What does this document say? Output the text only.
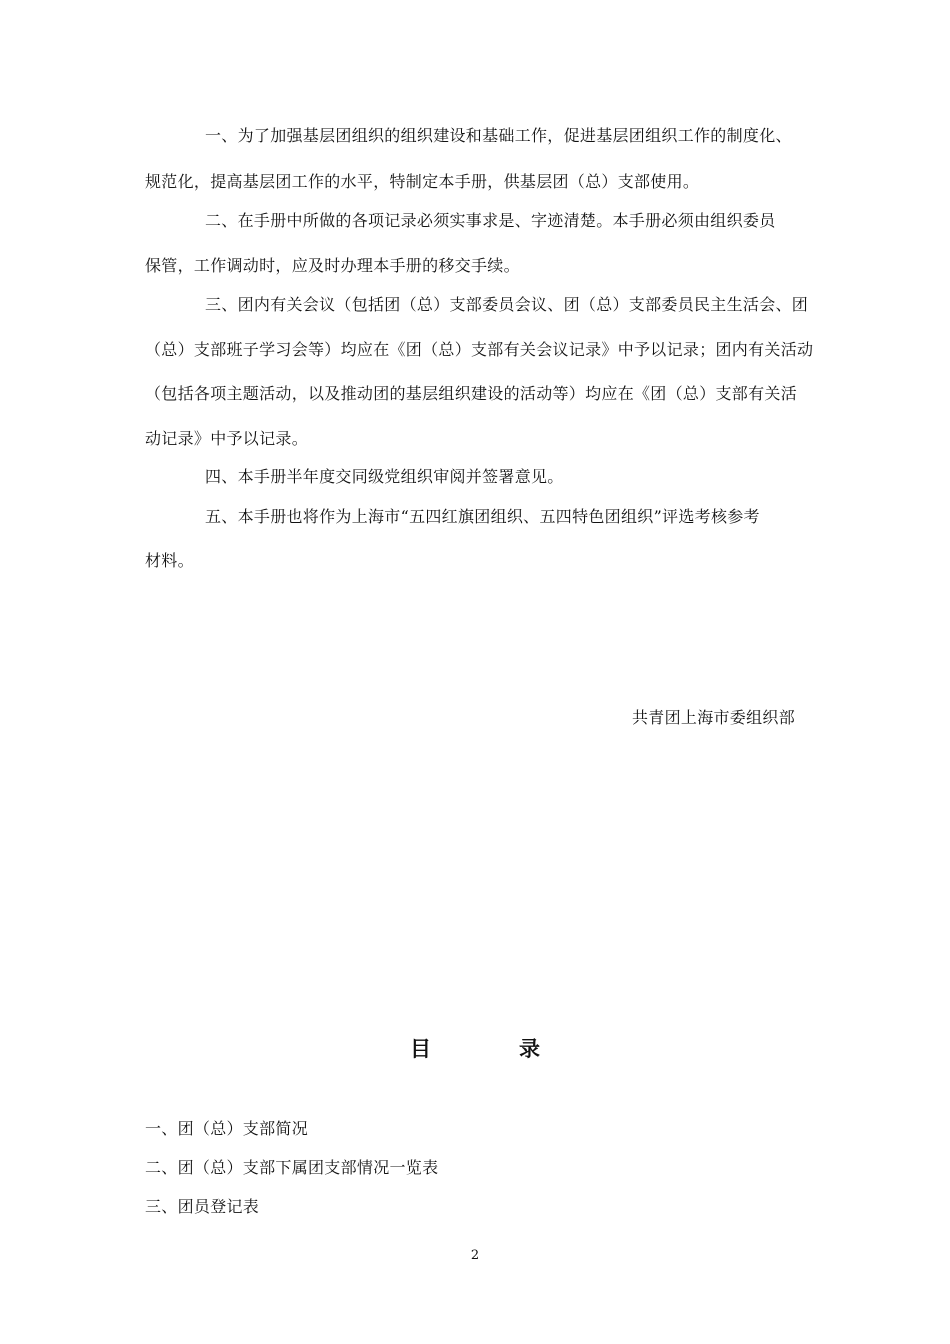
一、为了加强基层团组织的组织建设和基础工作，促进基层团组织工作的制度化、
规范化，提高基层团工作的水平，特制定本手册，供基层团（总）支部使用。
二、在手册中所做的各项记录必须实事求是、字迹清楚。本手册必须由组织委员
保管，工作调动时，应及时办理本手册的移交手续。
三、团内有关会议（包括团（总）支部委员会议、团（总）支部委员民主生活会、团
（总）支部班子学习会等）均应在《团（总）支部有关会议记录》中予以记录；团内有关活动
（包括各项主题活动，以及推动团的基层组织建设的活动等）均应在《团（总）支部有关活
动记录》中予以记录。
四、本手册半年度交同级党组织审阅并签署意见。
五、本手册也将作为上海市“五四红旗团组织、五四特色团组织”评选考核参考
材料。
共青团上海市委组织部
目	录
一、团（总）支部简况
二、团（总）支部下属团支部情况一览表
三、团员登记表
2
